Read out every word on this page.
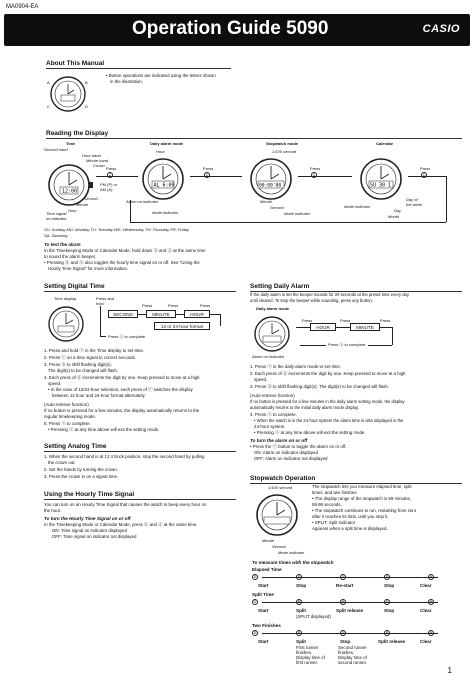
MA0904-EA
Operation Guide 5090	CASIO
About This Manual
A	B
C	D
• Button operations are indicated using the letters shown
in the illustration.
Reading the Display
Time	Daily alarm mode	Stopwatch mode	Calendar
Second hand
Hour hand
Minute hand
Crown
PM (P) or
AM (A)
Second
Minute
Hour
Time signal
on indicator
12:00
Press
C
Hour
AL 6:00
Alarm on indicator
Mode indicator
Press
C
1/100 second
00:00'00
Minute
Second
Mode indicator
Press
C
SU 30 1
Mode indicator
Day of
the week
Day
Month
Press
C
SU: Sunday MO: Monday TU: Tuesday WE: Wednesday TH: Thursday FR: Friday
SA: Saturday
To test the alarm
In the Timekeeping Mode or Calendar Mode, hold down ⓑ and ⓓ at the same time
to sound the alarm beeper.
• Pressing ⓓ and ⓑ also toggles the hourly time signal on or off. See "Using the
Hourly Time Signal" for more information.
Setting Digital Time
Time display	Press and
hold	Press	Press	Press
SECOND	MINUTE	HOUR
12 or 24-hour format
Press ⓐ to complete.
1. Press and hold ⓐ in the Time display to set time.
2. Press ⓒ on a time signal to correct seconds.
3. Press ⓑ to shift flashing digit(s).
The digit(s) to be changed will flash.
4. Each press of ⓓ increments the digit by one. Keep pressed to move at a high
speed.
• In the case of 12/24-hour selection, each press of ⓒ switches the display
between 12 hour and 24-hour format alternately.
(Auto-retrieve function)
If no button is pressed for a few minutes, the display automatically returns to the
regular timekeeping mode.
5. Press ⓐ to complete.
• Pressing ⓐ at any time above will exit the setting mode.
Setting Analog Time
1. When the second hand is at 12 o'clock position, stop the second hand by pulling
the crown out.
2. Set the hands by turning the crown.
3. Press the crown in on a signal time.
Using the Hourly Time Signal
You can turn on an Hourly Time Signal that causes the watch to beep every hour on
the hour.
To turn the Hourly Time Signal on or off
In the Timekeeping Mode or Calendar Mode, press ⓑ and ⓓ at the same time.
ON: Time signal on indicator displayed
OFF: Time signal on indicator not displayed
Setting Daily Alarm
If the daily alarm is set the beeper sounds for 20 seconds at the preset time every day
until cleared. To stop the beeper while sounding, press any button.
Daily alarm mode
Press	Press	Press
HOUR	MINUTE
Press ⓐ to complete.
Alarm on indicator
1. Press ⓐ in the daily alarm mode to set time.
2. Each press of ⓓ increments the digit by one. Keep pressed to move at a high
speed.
3. Press ⓑ to shift flashing digit(s). The digit(s) to be changed will flash.
(Auto-retrieve function)
If no button is pressed for a few minutes in the daily alarm setting mode, the display
automatically returns to the initial daily alarm mode display.
4. Press ⓐ to complete.
• When the watch is in the 24-hour system the alarm time is also displayed in the
24-hour system.
• Pressing ⓐ at any time above will exit the setting mode.
To turn the alarm on or off
• Press the ⓒ button to toggle the alarm on or off.
ON: Alarm on indicator displayed
OFF: Alarm on indicator not displayed
Stopwatch Operation
1/100 second
Minute
Second
Mode indicator
The stopwatch lets you measure elapsed time, split
times, and two finishes.
• The display range of the stopwatch is 59 minutes,
59.99 seconds.
• The stopwatch continues to run, restarting from zero
after it reaches its limit, until you stop it.
• SPLIT: Split indicator
Appears when a split time is displayed.
To measure times with the stopwatch
Elapsed Time
D	D	D	D	B
Start	Stop	Re-start	Stop	Clear
Split Time
D	B	B	D	B
Start	Split	Split release	Stop	Clear
(SPLIT displayed)
Two Finishes
D	B	D	B	B
Start	Split	Stop	Split release	Clear
First runner
finishes.
Display time of
first runner.
Second runner
finishes.
Display time of
second runner.
1
